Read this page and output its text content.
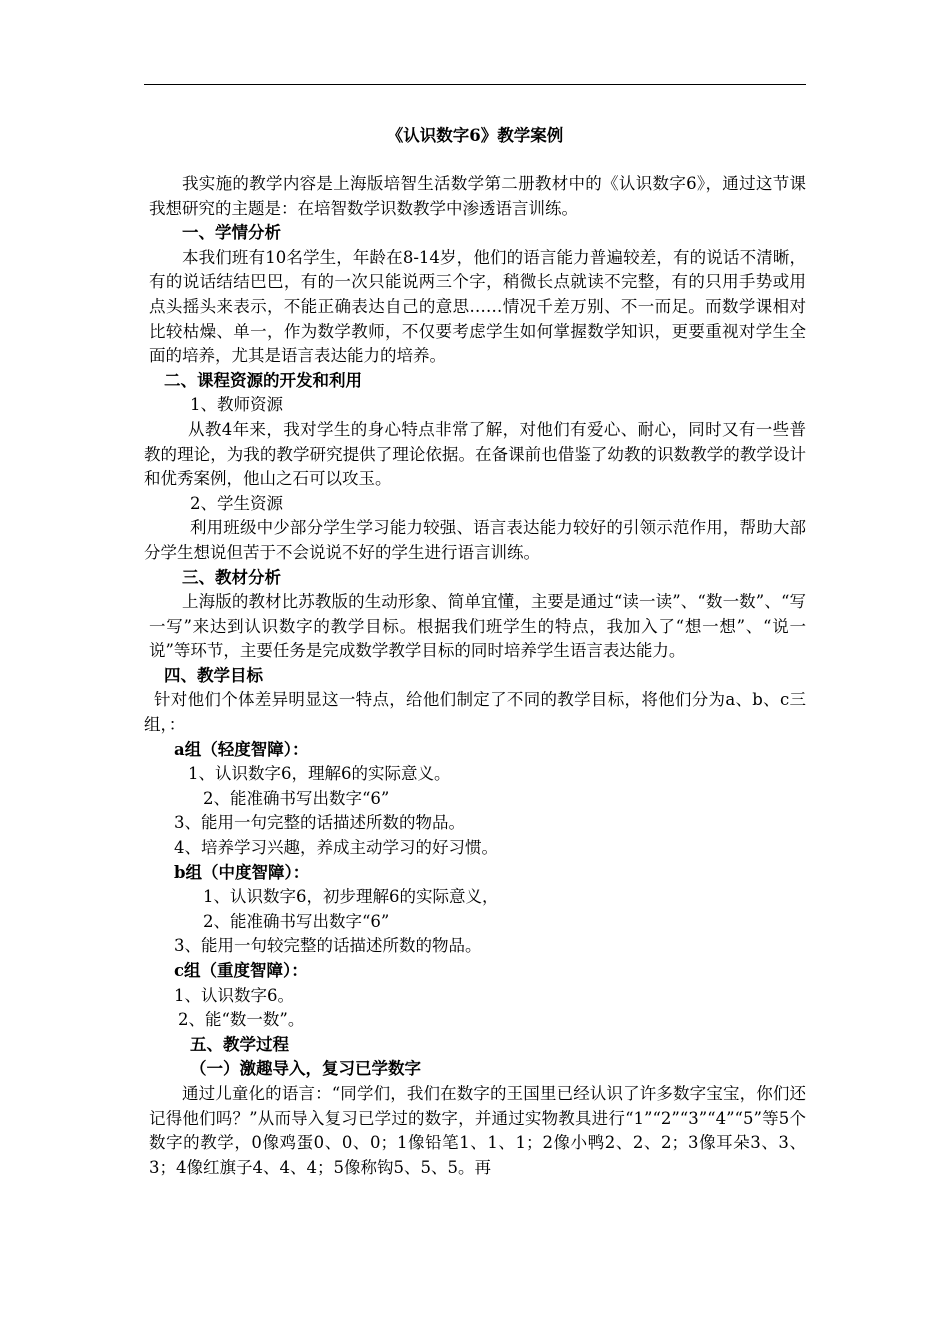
《认识数字6》教学案例

我实施的教学内容是上海版培智生活数学第二册教材中的《认识数字6》，通过这节课我想研究的主题是：在培智数学识数教学中渗透语言训练。

一、学情分析

本我们班有10名学生，年龄在8-14岁，他们的语言能力普遍较差，有的说话不清晰，有的说话结结巴巴，有的一次只能说两三个字，稍微长点就读不完整，有的只用手势或用点头摇头来表示，不能正确表达自己的意思……情况千差万别、不一而足。而数学课相对比较枯燥、单一，作为数学教师，不仅要考虑学生如何掌握数学知识，更要重视对学生全面的培养，尤其是语言表达能力的培养。

二、课程资源的开发和利用

1、教师资源

从教4年来，我对学生的身心特点非常了解，对他们有爱心、耐心，同时又有一些普教的理论，为我的教学研究提供了理论依据。在备课前也借鉴了幼教的识数教学的教学设计和优秀案例，他山之石可以攻玉。

2、学生资源

利用班级中少部分学生学习能力较强、语言表达能力较好的引领示范作用，帮助大部分学生想说但苦于不会说说不好的学生进行语言训练。

三、教材分析

上海版的教材比苏教版的生动形象、简单宜懂，主要是通过“读一读”、“数一数”、“写一写”来达到认识数字的教学目标。根据我们班学生的特点，我加入了“想一想”、“说一说”等环节，主要任务是完成数学教学目标的同时培养学生语言表达能力。

四、教学目标

针对他们个体差异明显这一特点，给他们制定了不同的教学目标，将他们分为a、b、c三组，：

a组（轻度智障）：

1、认识数字6，理解6的实际意义。

2、能准确书写出数字“6”

3、能用一句完整的话描述所数的物品。

4、培养学习兴趣，养成主动学习的好习惯。

b组（中度智障）：

1、认识数字6，初步理解6的实际意义，

2、能准确书写出数字“6”

3、能用一句较完整的话描述所数的物品。

c组（重度智障）：

1、认识数字6。

2、能“数一数”。

五、教学过程

（一）激趣导入，复习已学数字

通过儿童化的语言：“同学们，我们在数字的王国里已经认识了许多数字宝宝，你们还记得他们吗？”从而导入复习已学过的数字，并通过实物教具进行“1”“2”“3”“4”“5”等5个数字的教学，0像鸡蛋0、0、0；1像铅笔1、1、1；2像小鸭2、2、2；3像耳朵3、3、3；4像红旗子4、4、4；5像称钩5、5、5。再
